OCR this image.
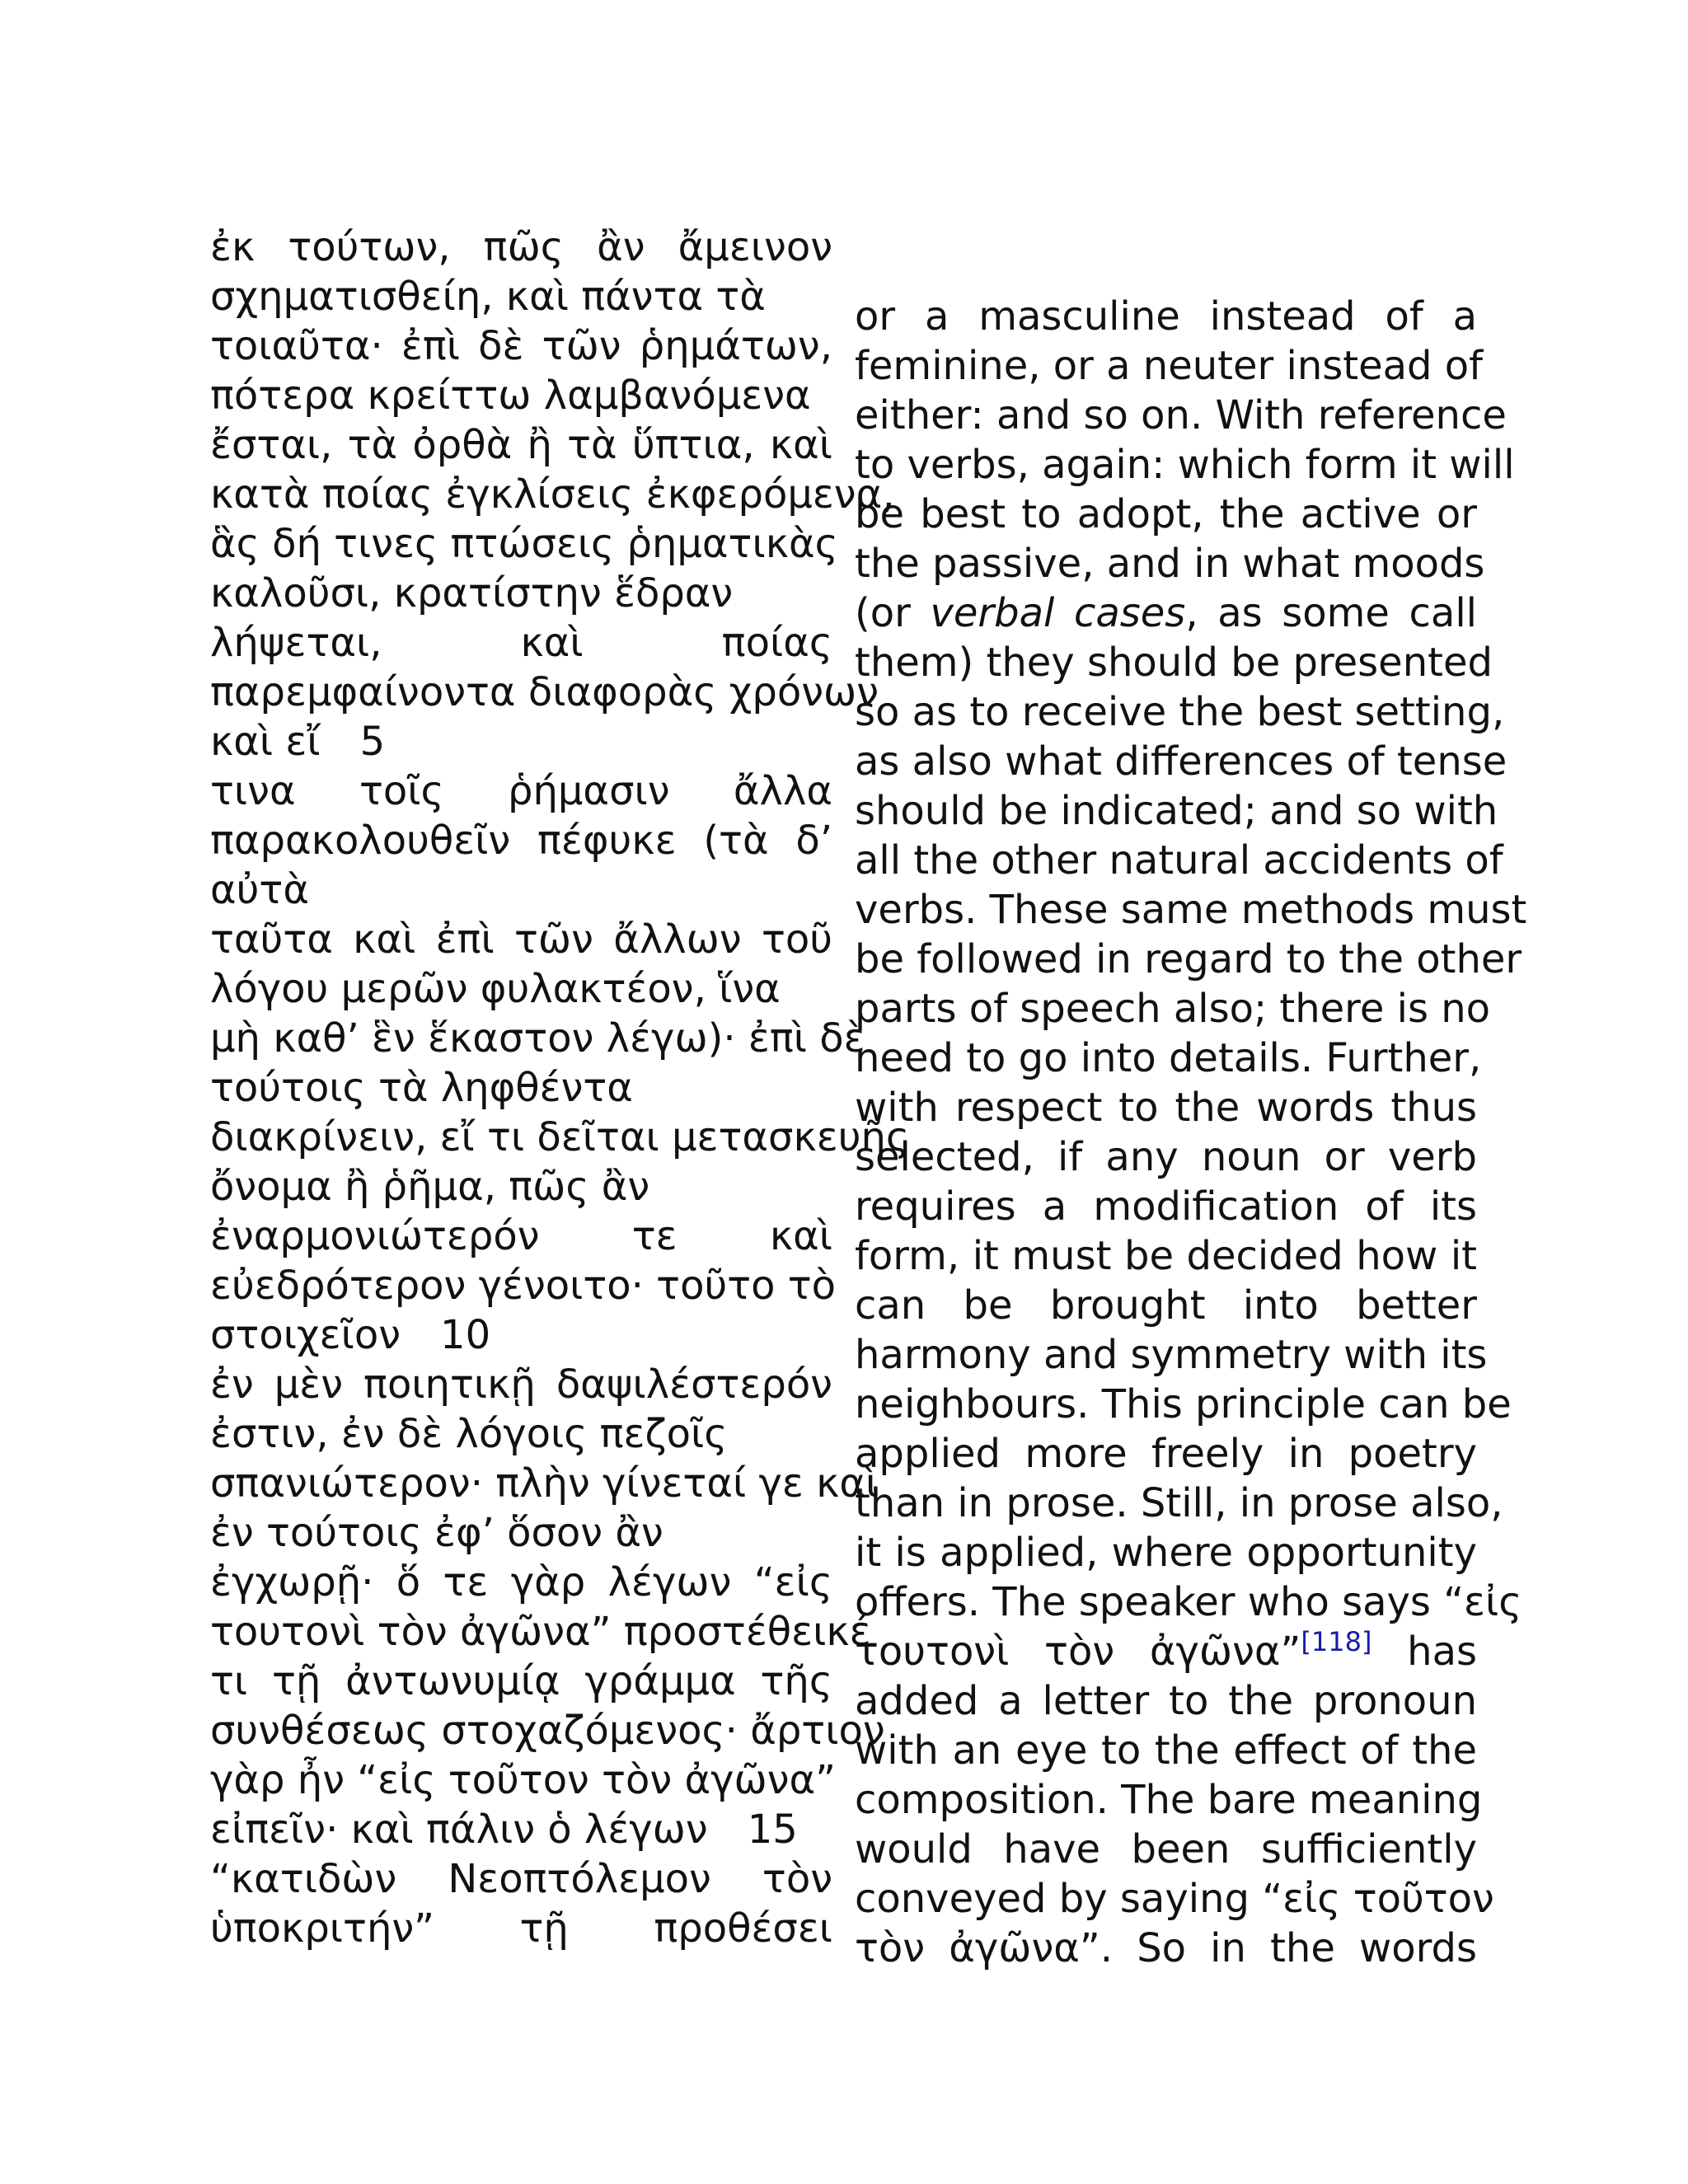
ἐκ τούτων, πῶς ἂν ἄμεινον
σχηματισθείη, καὶ πάντα τὰ
τοιαῦτα· ἐπὶ δὲ τῶν ῥημάτων,
πότερα κρείττω λαμβανόμενα
ἔσται, τὰ ὀρθὰ ἢ τὰ ὕπτια, καὶ
κατὰ ποίας ἐγκλίσεις ἐκφερόμενα,
ἃς δή τινες πτώσεις ῥηματικὰς
καλοῦσι, κρατίστην ἕδραν
λήψεται, καὶ ποίας
παρεμφαίνοντα διαφορὰς χρόνων
καὶ εἴ 5
τινα τοῖς ῥήμασιν ἄλλα
παρακολουθεῖν πέφυκε (τὰ δ’
αὐτὰ
ταῦτα καὶ ἐπὶ τῶν ἄλλων τοῦ
λόγου μερῶν φυλακτέον, ἵνα
μὴ καθ’ ἓν ἕκαστον λέγω)· ἐπὶ δὲ
τούτοις τὰ ληφθέντα
διακρίνειν, εἴ τι δεῖται μετασκευῆς
ὄνομα ἢ ῥῆμα, πῶς ἂν
ἐναρμονιώτερόν τε καὶ
εὐεδρότερον γένοιτο· τοῦτο τὸ
στοιχεῖον 10
ἐν μὲν ποιητικῇ δαψιλέστερόν
ἐστιν, ἐν δὲ λόγοις πεζοῖς
σπανιώτερον· πλὴν γίνεταί γε καὶ
ἐν τούτοις ἐφ’ ὅσον ἂν
ἐγχωρῇ· ὅ τε γὰρ λέγων “εἰς
τουτονὶ τὸν ἀγῶνα” προστέθεικέ
τι τῇ ἀντωνυμίᾳ γράμμα τῆς
συνθέσεως στοχαζόμενος· ἄρτιον
γὰρ ἦν “εἰς τοῦτον τὸν ἀγῶνα”
εἰπεῖν· καὶ πάλιν ὁ λέγων 15
“κατιδὼν Νεοπτόλεμον τὸν
ὑποκριτήν” τῇ προθέσει
or a masculine instead of a
feminine, or a neuter instead of
either: and so on. With reference
to verbs, again: which form it will
be best to adopt, the active or
the passive, and in what moods
(or verbal cases, as some call
them) they should be presented
so as to receive the best setting,
as also what differences of tense
should be indicated; and so with
all the other natural accidents of
verbs. These same methods must
be followed in regard to the other
parts of speech also; there is no
need to go into details. Further,
with respect to the words thus
selected, if any noun or verb
requires a modification of its
form, it must be decided how it
can be brought into better
harmony and symmetry with its
neighbours. This principle can be
applied more freely in poetry
than in prose. Still, in prose also,
it is applied, where opportunity
offers. The speaker who says “εἰς
τουτονὶ τὸν ἀγῶνα”[118] has
added a letter to the pronoun
with an eye to the effect of the
composition. The bare meaning
would have been sufficiently
conveyed by saying “εἰς τοῦτον
τὸν ἀγῶνα”. So in the words
